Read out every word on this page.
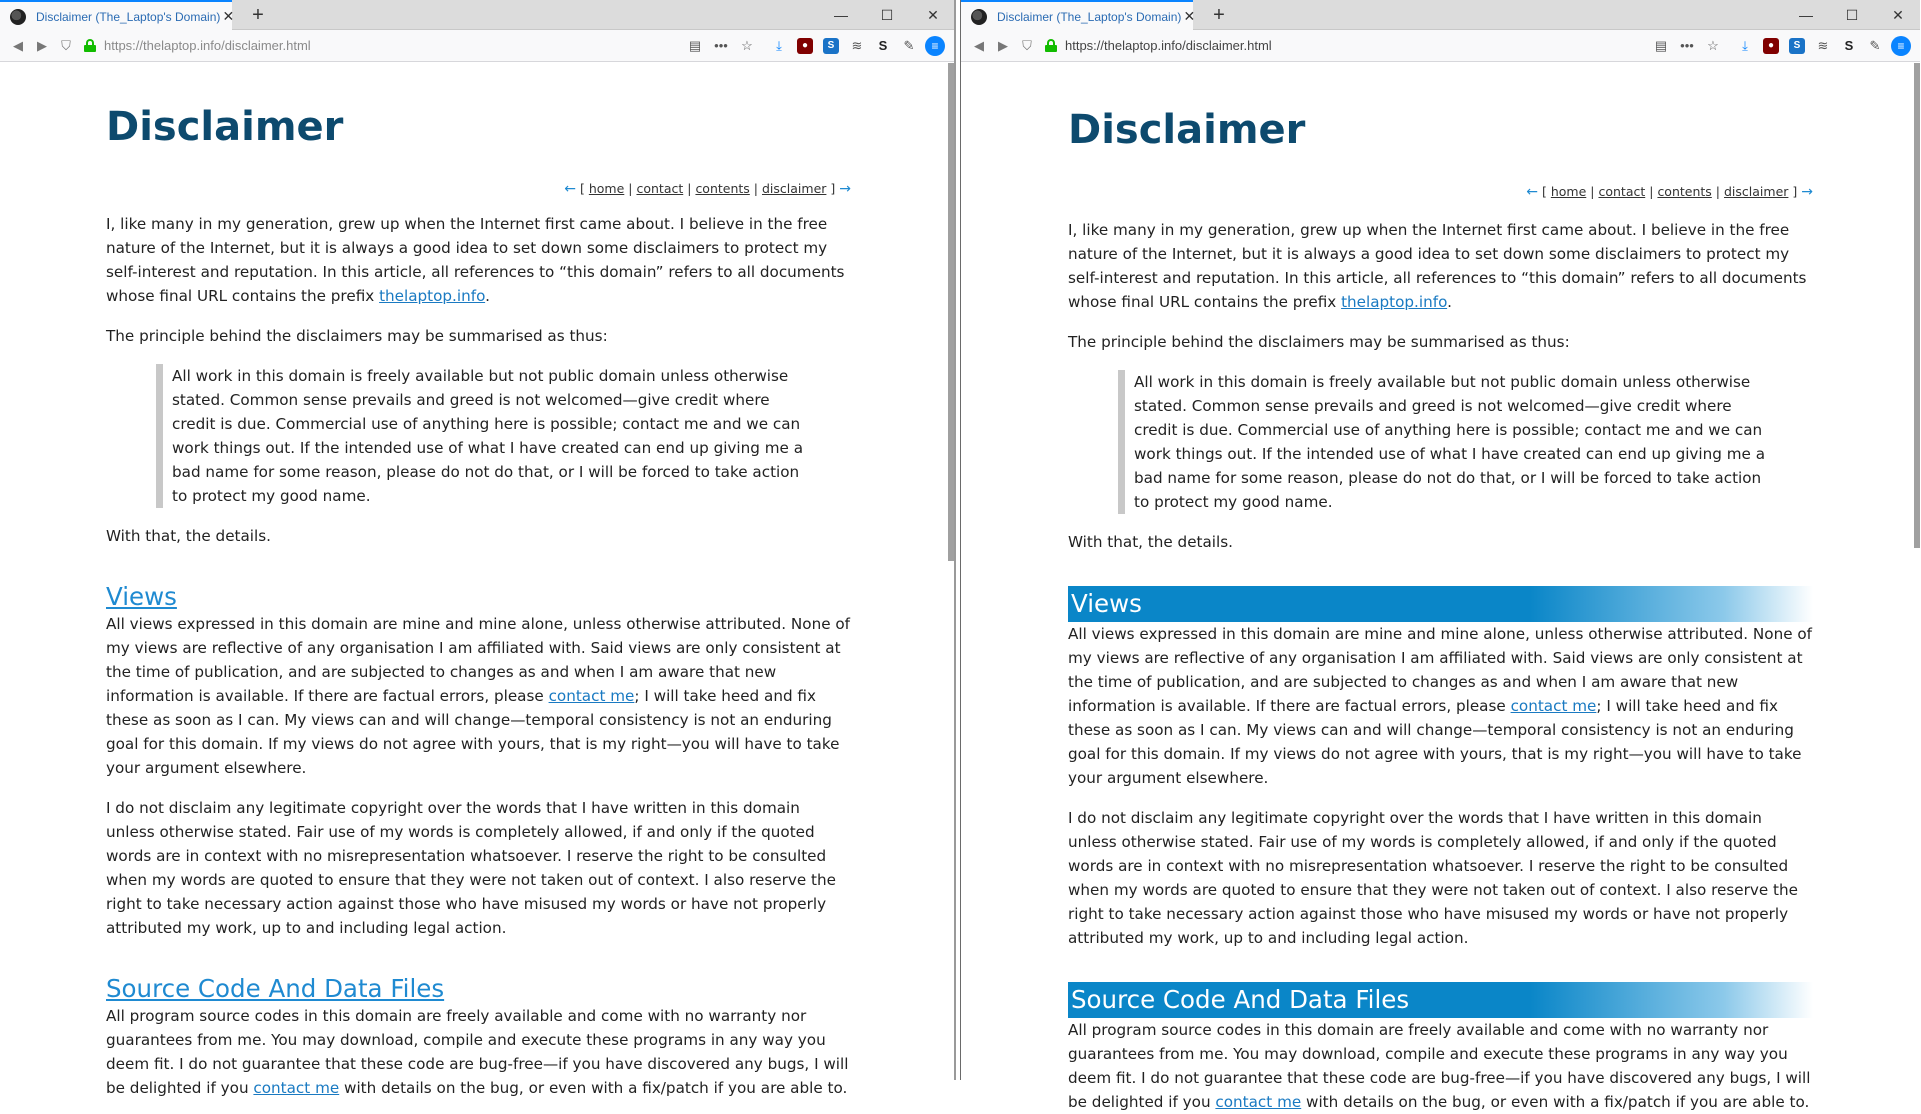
Disclaimer (The_Laptop's Domain) ✕ +	—	☐	✕
◀	▶	⛉	https://thelaptop.info/disclaimer.html	▤	•••	☆	⤓	●	S	≋	S	✎	≡
Disclaimer
← [ home | contact | contents | disclaimer ] →

I, like many in my generation, grew up when the Internet first came about. I believe in the free nature of the Internet, but it is always a good idea to set down some disclaimers to protect my self-interest and reputation. In this article, all references to “this domain” refers to all documents whose final URL contains the prefix thelaptop.info.

The principle behind the disclaimers may be summarised as thus:

All work in this domain is freely available but not public domain unless otherwise stated. Common sense prevails and greed is not welcomed—give credit where credit is due. Commercial use of anything here is possible; contact me and we can work things out. If the intended use of what I have created can end up giving me a bad name for some reason, please do not do that, or I will be forced to take action to protect my good name.

With that, the details.

Views

All views expressed in this domain are mine and mine alone, unless otherwise attributed. None of my views are reflective of any organisation I am affiliated with. Said views are only consistent at the time of publication, and are subjected to changes as and when I am aware that new information is available. If there are factual errors, please contact me; I will take heed and fix these as soon as I can. My views can and will change—temporal consistency is not an enduring goal for this domain. If my views do not agree with yours, that is my right—you will have to take your argument elsewhere.

I do not disclaim any legitimate copyright over the words that I have written in this domain unless otherwise stated. Fair use of my words is completely allowed, if and only if the quoted words are in context with no misrepresentation whatsoever. I reserve the right to be consulted when my words are quoted to ensure that they were not taken out of context. I also reserve the right to take necessary action against those who have misused my words or have not properly attributed my work, up to and including legal action.

Source Code And Data Files

All program source codes in this domain are freely available and come with no warranty nor guarantees from me. You may download, compile and execute these programs in any way you deem fit. I do not guarantee that these code are bug-free—if you have discovered any bugs, I will be delighted if you contact me with details on the bug, or even with a fix/patch if you are able to.

Disclaimer (The_Laptop's Domain) ✕ +	—	☐	✕
◀	▶	⛉	https://thelaptop.info/disclaimer.html	▤	•••	☆	⤓	●	S	≋	S	✎	≡
Disclaimer
← [ home | contact | contents | disclaimer ] →

I, like many in my generation, grew up when the Internet first came about. I believe in the free nature of the Internet, but it is always a good idea to set down some disclaimers to protect my self-interest and reputation. In this article, all references to “this domain” refers to all documents whose final URL contains the prefix thelaptop.info.

The principle behind the disclaimers may be summarised as thus:

All work in this domain is freely available but not public domain unless otherwise stated. Common sense prevails and greed is not welcomed—give credit where credit is due. Commercial use of anything here is possible; contact me and we can work things out. If the intended use of what I have created can end up giving me a bad name for some reason, please do not do that, or I will be forced to take action to protect my good name.

With that, the details.

Views

All views expressed in this domain are mine and mine alone, unless otherwise attributed. None of my views are reflective of any organisation I am affiliated with. Said views are only consistent at the time of publication, and are subjected to changes as and when I am aware that new information is available. If there are factual errors, please contact me; I will take heed and fix these as soon as I can. My views can and will change—temporal consistency is not an enduring goal for this domain. If my views do not agree with yours, that is my right—you will have to take your argument elsewhere.

I do not disclaim any legitimate copyright over the words that I have written in this domain unless otherwise stated. Fair use of my words is completely allowed, if and only if the quoted words are in context with no misrepresentation whatsoever. I reserve the right to be consulted when my words are quoted to ensure that they were not taken out of context. I also reserve the right to take necessary action against those who have misused my words or have not properly attributed my work, up to and including legal action.

Source Code And Data Files

All program source codes in this domain are freely available and come with no warranty nor guarantees from me. You may download, compile and execute these programs in any way you deem fit. I do not guarantee that these code are bug-free—if you have discovered any bugs, I will be delighted if you contact me with details on the bug, or even with a fix/patch if you are able to.
